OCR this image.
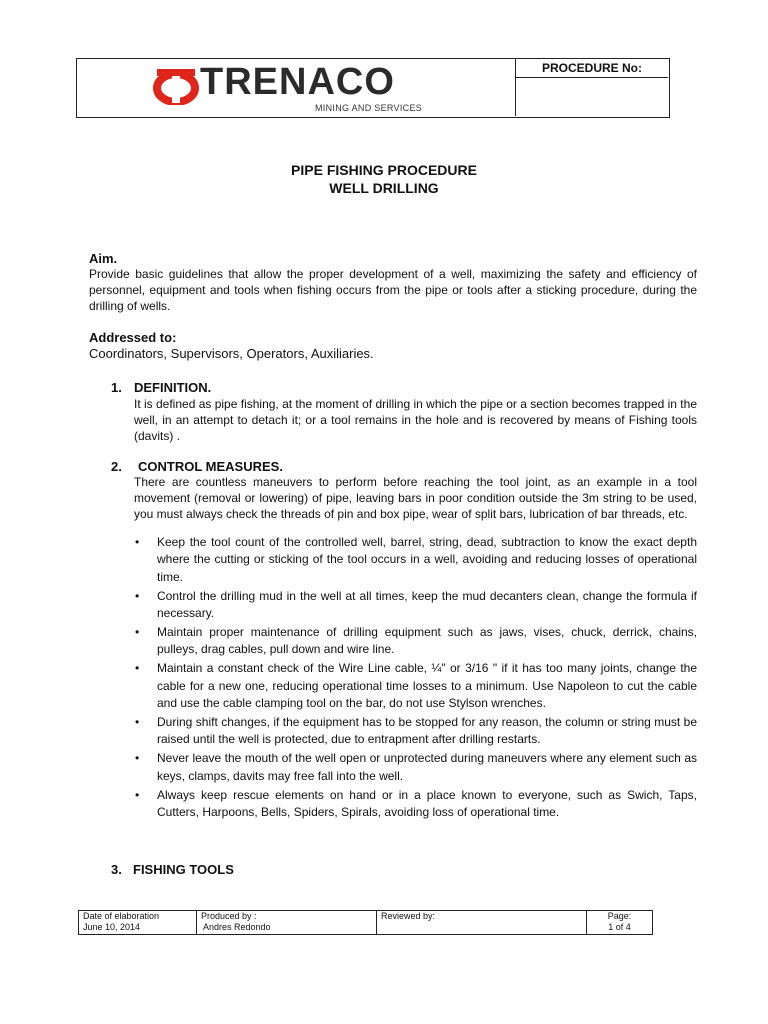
TRENACO
MINING AND SERVICES
PROCEDURE No:
PIPE FISHING PROCEDURE
WELL DRILLING
Aim.
Provide basic guidelines that allow the proper development of a well, maximizing the safety and efficiency of personnel, equipment and tools when fishing occurs from the pipe or tools after a sticking procedure, during the drilling of wells.
Addressed to:
Coordinators, Supervisors, Operators, Auxiliaries.
1. DEFINITION.
It is defined as pipe fishing, at the moment of drilling in which the pipe or a section becomes trapped in the well, in an attempt to detach it; or a tool remains in the hole and is recovered by means of Fishing tools (davits) .
2. CONTROL MEASURES.
There are countless maneuvers to perform before reaching the tool joint, as an example in a tool movement (removal or lowering) of pipe, leaving bars in poor condition outside the 3m string to be used, you must always check the threads of pin and box pipe, wear of split bars, lubrication of bar threads, etc.
• Keep the tool count of the controlled well, barrel, string, dead, subtraction to know the exact depth where the cutting or sticking of the tool occurs in a well, avoiding and reducing losses of operational time.
• Control the drilling mud in the well at all times, keep the mud decanters clean, change the formula if necessary.
• Maintain proper maintenance of drilling equipment such as jaws, vises, chuck, derrick, chains, pulleys, drag cables, pull down and wire line.
• Maintain a constant check of the Wire Line cable, ¼" or 3/16 " if it has too many joints, change the cable for a new one, reducing operational time losses to a minimum. Use Napoleon to cut the cable and use the cable clamping tool on the bar, do not use Stylson wrenches.
• During shift changes, if the equipment has to be stopped for any reason, the column or string must be raised until the well is protected, due to entrapment after drilling restarts.
• Never leave the mouth of the well open or unprotected during maneuvers where any element such as keys, clamps, davits may free fall into the well.
• Always keep rescue elements on hand or in a place known to everyone, such as Swich, Taps, Cutters, Harpoons, Bells, Spiders, Spirals, avoiding loss of operational time.
3. FISHING TOOLS
Date of elaboration
June 10, 2014
Produced by :
Andres Redondo
Reviewed by:	Page:
1 of 4
